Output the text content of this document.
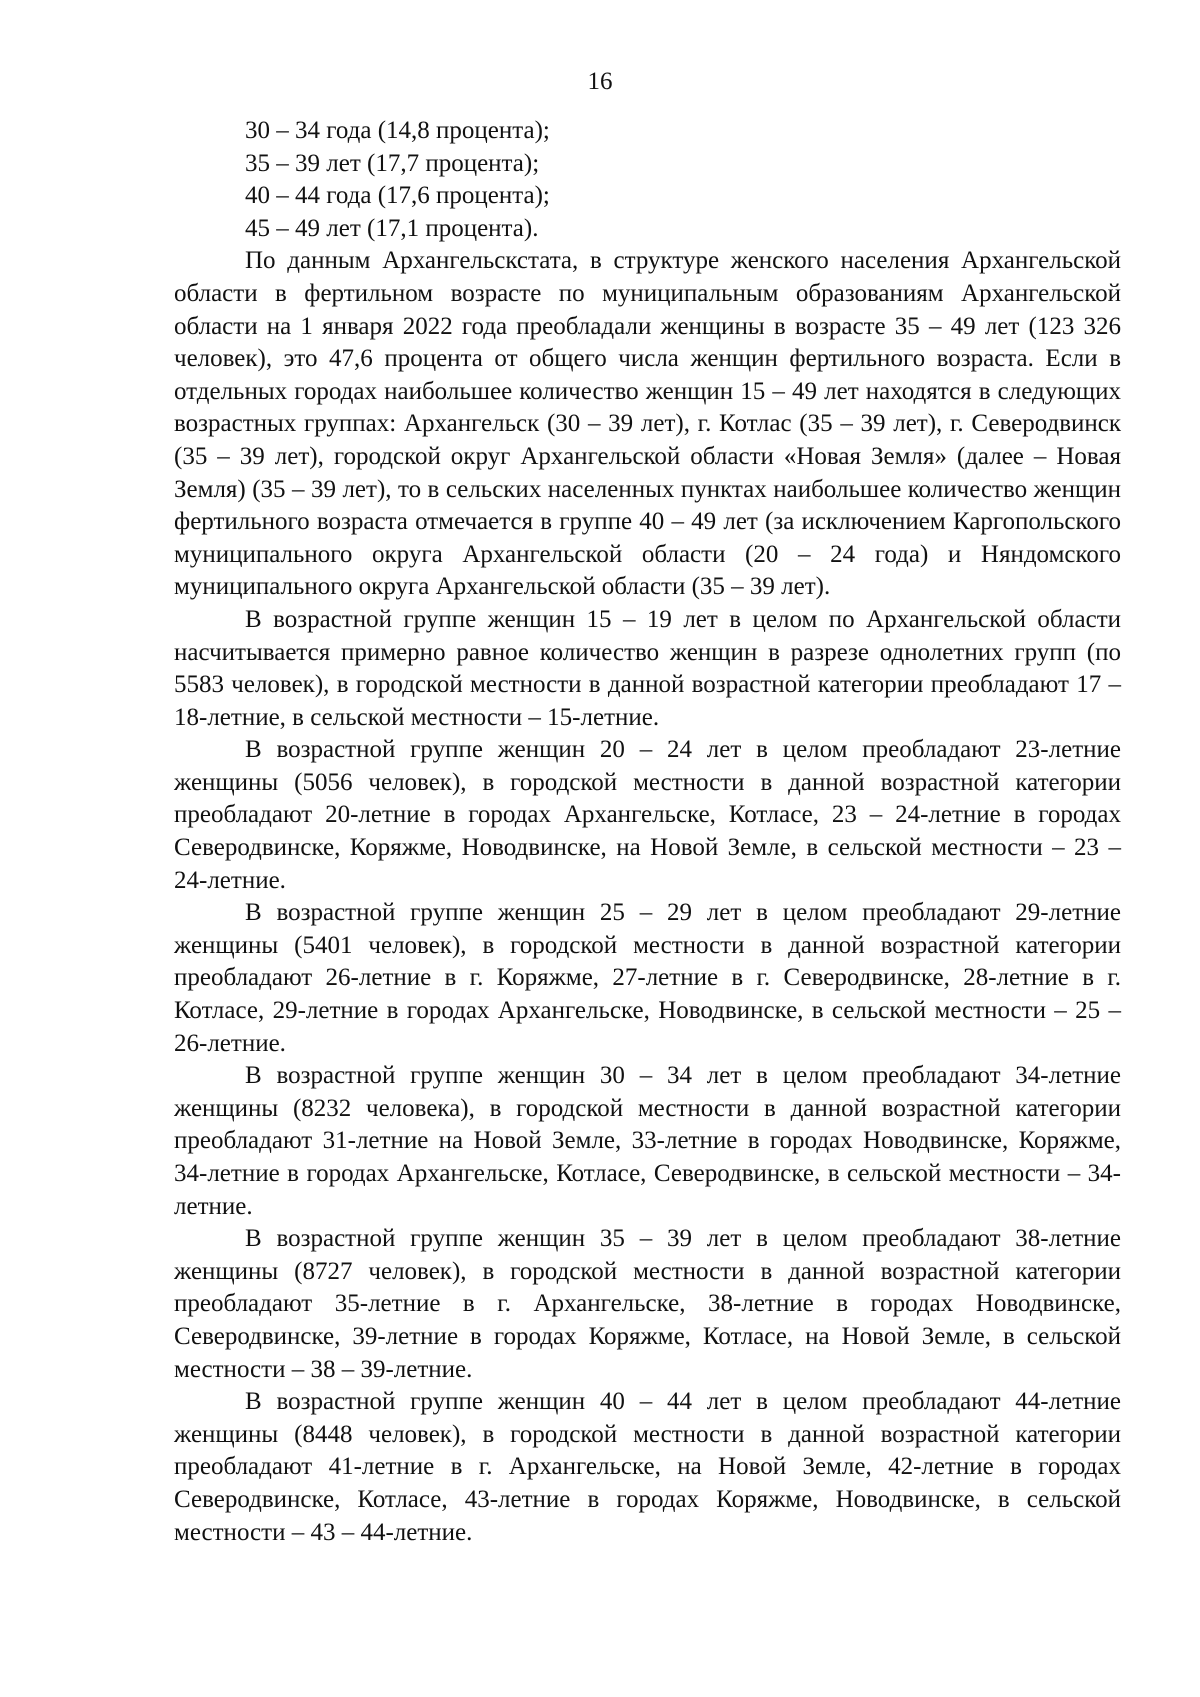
16
30 – 34 года (14,8 процента);
35 – 39 лет (17,7 процента);
40 – 44 года (17,6 процента);
45 – 49 лет (17,1 процента).

По данным Архангельскстата, в структуре женского населения Архангельской области в фертильном возрасте по муниципальным образованиям Архангельской области на 1 января 2022 года преобладали женщины в возрасте 35 – 49 лет (123 326 человек), это 47,6 процента от общего числа женщин фертильного возраста. Если в отдельных городах наибольшее количество женщин 15 – 49 лет находятся в следующих возрастных группах: Архангельск (30 – 39 лет), г. Котлас (35 – 39 лет), г. Северодвинск (35 – 39 лет), городской округ Архангельской области «Новая Земля» (далее – Новая Земля) (35 – 39 лет), то в сельских населенных пунктах наибольшее количество женщин фертильного возраста отмечается в группе 40 – 49 лет (за исключением Каргопольского муниципального округа Архангельской области (20 – 24 года) и Няндомского муниципального округа Архангельской области (35 – 39 лет).

В возрастной группе женщин 15 – 19 лет в целом по Архангельской области насчитывается примерно равное количество женщин в разрезе однолетних групп (по 5583 человек), в городской местности в данной возрастной категории преобладают 17 – 18-летние, в сельской местности – 15-летние.

В возрастной группе женщин 20 – 24 лет в целом преобладают 23-летние женщины (5056 человек), в городской местности в данной возрастной категории преобладают 20-летние в городах Архангельске, Котласе, 23 – 24-летние в городах Северодвинске, Коряжме, Новодвинске, на Новой Земле, в сельской местности – 23 – 24-летние.

В возрастной группе женщин 25 – 29 лет в целом преобладают 29-летние женщины (5401 человек), в городской местности в данной возрастной категории преобладают 26-летние в г. Коряжме, 27-летние в г. Северодвинске, 28-летние в г. Котласе, 29-летние в городах Архангельске, Новодвинске, в сельской местности – 25 – 26-летние.

В возрастной группе женщин 30 – 34 лет в целом преобладают 34-летние женщины (8232 человека), в городской местности в данной возрастной категории преобладают 31-летние на Новой Земле, 33-летние в городах Новодвинске, Коряжме, 34-летние в городах Архангельске, Котласе, Северодвинске, в сельской местности – 34-летние.

В возрастной группе женщин 35 – 39 лет в целом преобладают 38-летние женщины (8727 человек), в городской местности в данной возрастной категории преобладают 35-летние в г. Архангельске, 38-летние в городах Новодвинске, Северодвинске, 39-летние в городах Коряжме, Котласе, на Новой Земле, в сельской местности – 38 – 39-летние.

В возрастной группе женщин 40 – 44 лет в целом преобладают 44-летние женщины (8448 человек), в городской местности в данной возрастной категории преобладают 41-летние в г. Архангельске, на Новой Земле, 42-летние в городах Северодвинске, Котласе, 43-летние в городах Коряжме, Новодвинске, в сельской местности – 43 – 44-летние.
